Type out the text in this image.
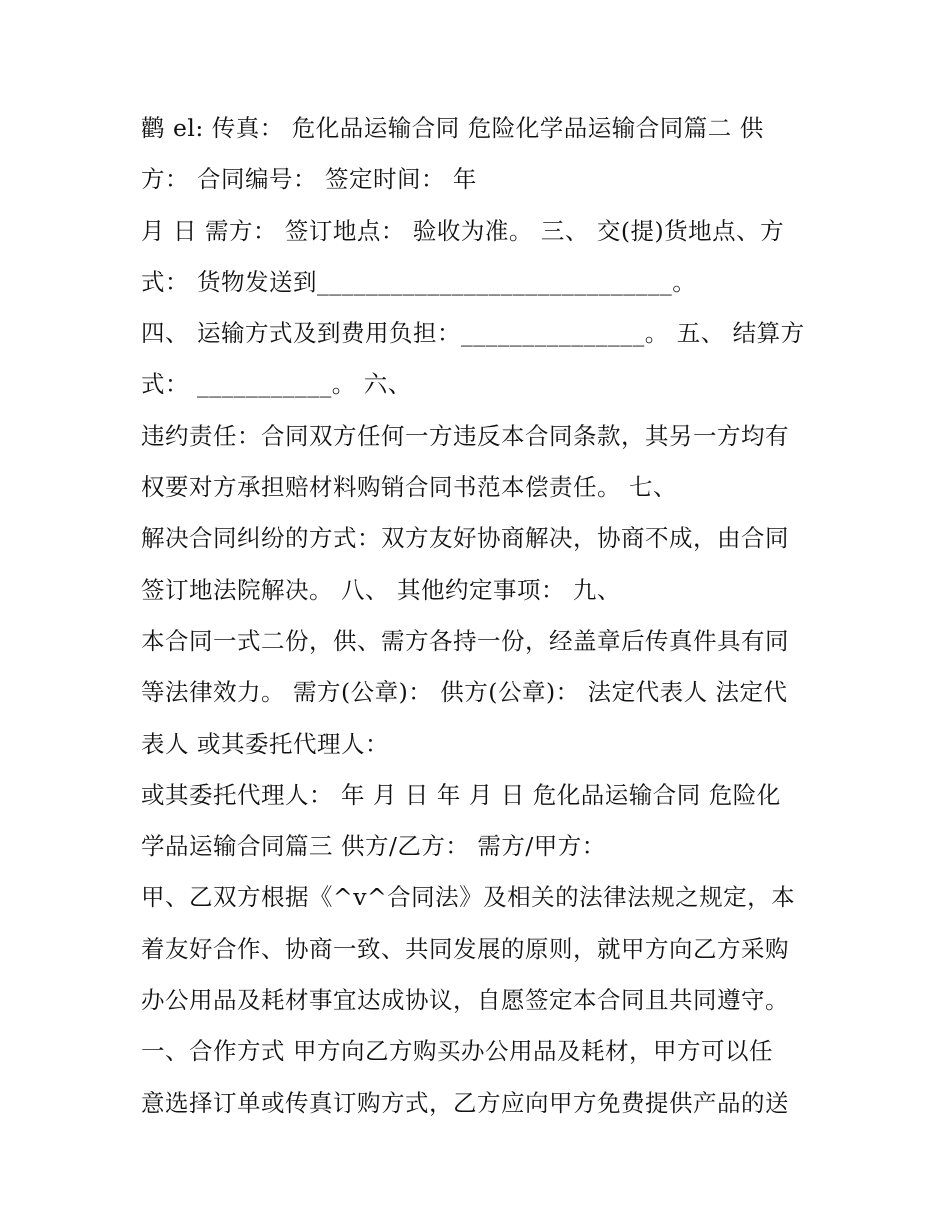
鹳 el: 传真： 危化品运输合同 危险化学品运输合同篇二 供
方： 合同编号： 签定时间： 年
月 日 需方： 签订地点： 验收为准。 三、 交(提)货地点、方
式： 货物发送到_____________________________。
四、 运输方式及到费用负担：_______________。 五、 结算方
式： ___________。 六、
违约责任：合同双方任何一方违反本合同条款，其另一方均有
权要对方承担赔材料购销合同书范本偿责任。 七、
解决合同纠纷的方式：双方友好协商解决，协商不成，由合同
签订地法院解决。 八、 其他约定事项： 九、
本合同一式二份，供、需方各持一份，经盖章后传真件具有同
等法律效力。 需方(公章)： 供方(公章)： 法定代表人 法定代
表人 或其委托代理人：
或其委托代理人： 年 月 日 年 月 日 危化品运输合同 危险化
学品运输合同篇三 供方/乙方： 需方/甲方：
甲、乙双方根据《^v^合同法》及相关的法律法规之规定，本
着友好合作、协商一致、共同发展的原则，就甲方向乙方采购
办公用品及耗材事宜达成协议，自愿签定本合同且共同遵守。
一、合作方式 甲方向乙方购买办公用品及耗材，甲方可以任
意选择订单或传真订购方式，乙方应向甲方免费提供产品的送
